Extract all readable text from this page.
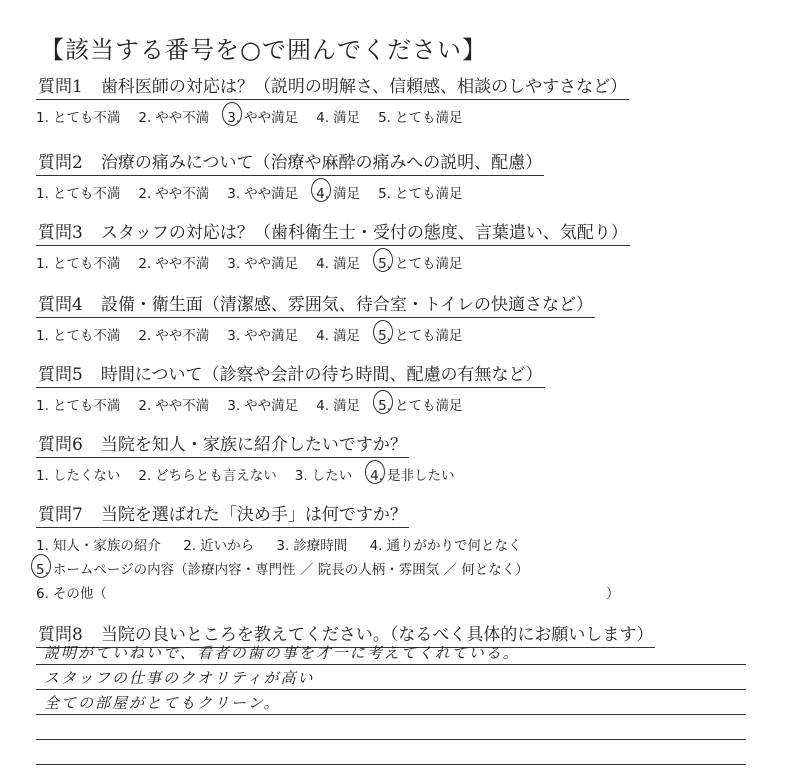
【該当する番号を○で囲んでください】
質問1 歯科医師の対応は？（説明の明解さ、信頼感、相談のしやすさなど）
1. とても不満 2. やや不満 3. やや満足 4. 満足 5. とても満足
質問2 治療の痛みについて（治療や麻酔の痛みへの説明、配慮）
1. とても不満 2. やや不満 3. やや満足 4. 満足 5. とても満足
質問3 スタッフの対応は？（歯科衛生士・受付の態度、言葉遣い、気配り）
1. とても不満 2. やや不満 3. やや満足 4. 満足 5. とても満足
質問4 設備・衛生面（清潔感、雰囲気、待合室・トイレの快適さなど）
1. とても不満 2. やや不満 3. やや満足 4. 満足 5. とても満足
質問5 時間について（診察や会計の待ち時間、配慮の有無など）
1. とても不満 2. やや不満 3. やや満足 4. 満足 5. とても満足
質問6 当院を知人・家族に紹介したいですか？
1. したくない 2. どちらとも言えない 3. したい 4. 是非したい
質問7 当院を選ばれた「決め手」は何ですか？
1. 知人・家族の紹介 2. 近いから 3. 診療時間 4. 通りがかりで何となく
5. ホームページの内容（診療内容・専門性 ／ 院長の人柄・雰囲気 ／ 何となく）
6. その他（	）
質問8 当院の良いところを教えてください。（なるべく具体的にお願いします）
説明がていねいで、看者の歯の事を才一に考えてくれている。
スタッフの仕事のクオリティが高い
全ての部屋がとてもクリーン。
